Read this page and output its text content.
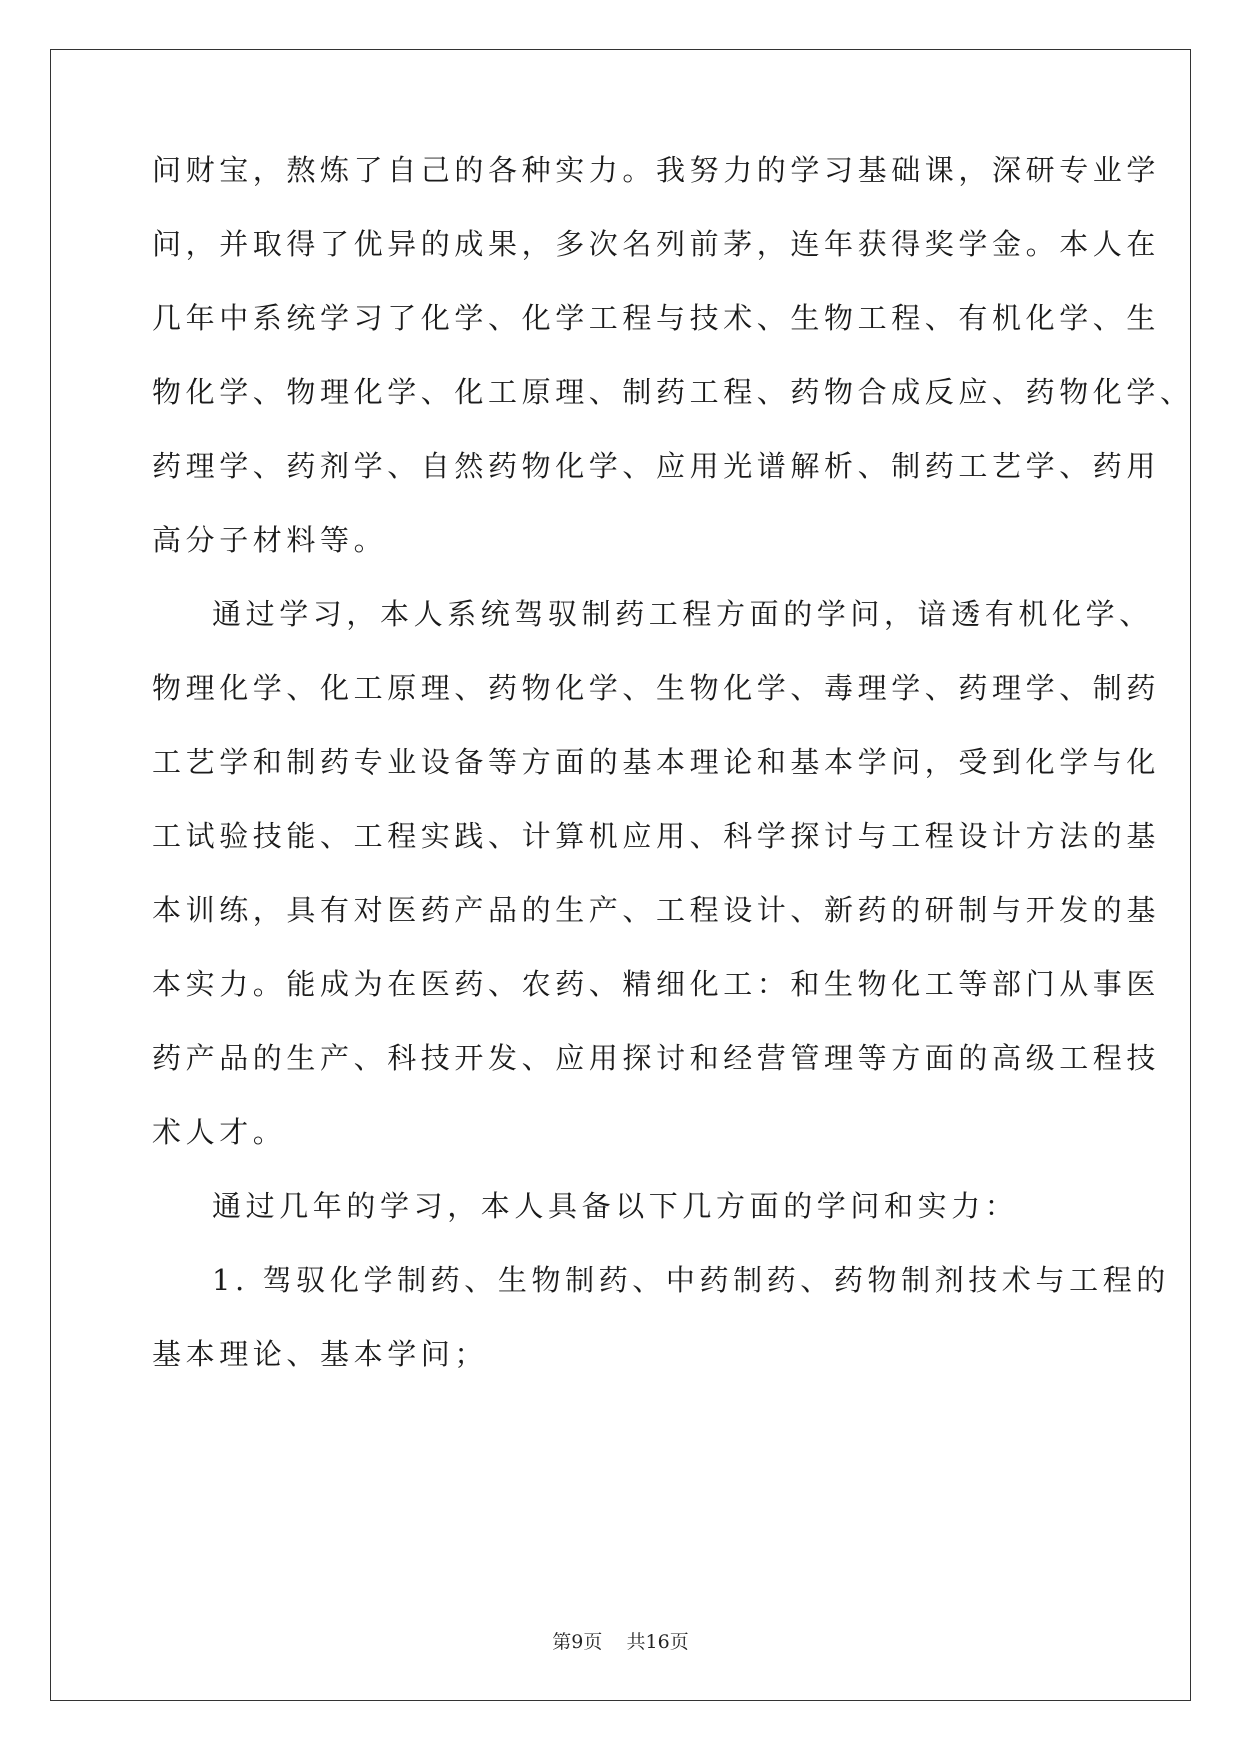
问财宝，熬炼了自己的各种实力。我努力的学习基础课，深研专业学
问，并取得了优异的成果，多次名列前茅，连年获得奖学金。本人在
几年中系统学习了化学、化学工程与技术、生物工程、有机化学、生
物化学、物理化学、化工原理、制药工程、药物合成反应、药物化学、
药理学、药剂学、自然药物化学、应用光谱解析、制药工艺学、药用
高分子材料等。
通过学习，本人系统驾驭制药工程方面的学问，谙透有机化学、
物理化学、化工原理、药物化学、生物化学、毒理学、药理学、制药
工艺学和制药专业设备等方面的基本理论和基本学问，受到化学与化
工试验技能、工程实践、计算机应用、科学探讨与工程设计方法的基
本训练，具有对医药产品的生产、工程设计、新药的研制与开发的基
本实力。能成为在医药、农药、精细化工：和生物化工等部门从事医
药产品的生产、科技开发、应用探讨和经营管理等方面的高级工程技
术人才。
通过几年的学习，本人具备以下几方面的学问和实力：
1. 驾驭化学制药、生物制药、中药制药、药物制剂技术与工程的
基本理论、基本学问；
第9页 共16页
